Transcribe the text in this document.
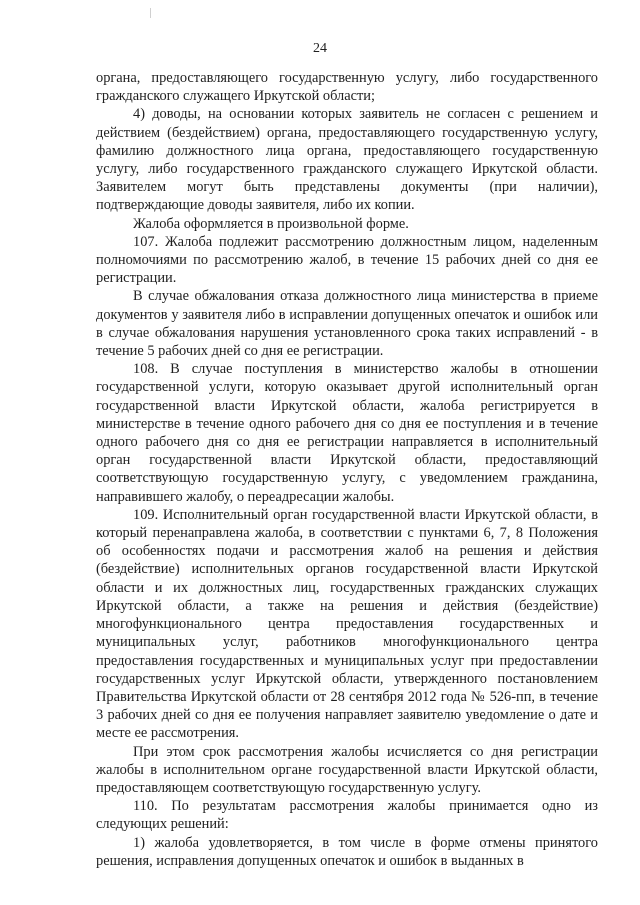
24

органа, предоставляющего государственную услугу, либо государственного гражданского служащего Иркутской области;

4) доводы, на основании которых заявитель не согласен с решением и действием (бездействием) органа, предоставляющего государственную услугу, фамилию должностного лица органа, предоставляющего государственную услугу, либо государственного гражданского служащего Иркутской области. Заявителем могут быть представлены документы (при наличии), подтверждающие доводы заявителя, либо их копии.

Жалоба оформляется в произвольной форме.

107. Жалоба подлежит рассмотрению должностным лицом, наделенным полномочиями по рассмотрению жалоб, в течение 15 рабочих дней со дня ее регистрации.

В случае обжалования отказа должностного лица министерства в приеме документов у заявителя либо в исправлении допущенных опечаток и ошибок или в случае обжалования нарушения установленного срока таких исправлений - в течение 5 рабочих дней со дня ее регистрации.

108. В случае поступления в министерство жалобы в отношении государственной услуги, которую оказывает другой исполнительный орган государственной власти Иркутской области, жалоба регистрируется в министерстве в течение одного рабочего дня со дня ее поступления и в течение одного рабочего дня со дня ее регистрации направляется в исполнительный орган государственной власти Иркутской области, предоставляющий соответствующую государственную услугу, с уведомлением гражданина, направившего жалобу, о переадресации жалобы.

109. Исполнительный орган государственной власти Иркутской области, в который перенаправлена жалоба, в соответствии с пунктами 6, 7, 8 Положения об особенностях подачи и рассмотрения жалоб на решения и действия (бездействие) исполнительных органов государственной власти Иркутской области и их должностных лиц, государственных гражданских служащих Иркутской области, а также на решения и действия (бездействие) многофункционального центра предоставления государственных и муниципальных услуг, работников многофункционального центра предоставления государственных и муниципальных услуг при предоставлении государственных услуг Иркутской области, утвержденного постановлением Правительства Иркутской области от 28 сентября 2012 года № 526-пп, в течение 3 рабочих дней со дня ее получения направляет заявителю уведомление о дате и месте ее рассмотрения.

При этом срок рассмотрения жалобы исчисляется со дня регистрации жалобы в исполнительном органе государственной власти Иркутской области, предоставляющем соответствующую государственную услугу.

110. По результатам рассмотрения жалобы принимается одно из следующих решений:

1) жалоба удовлетворяется, в том числе в форме отмены принятого решения, исправления допущенных опечаток и ошибок в выданных в
